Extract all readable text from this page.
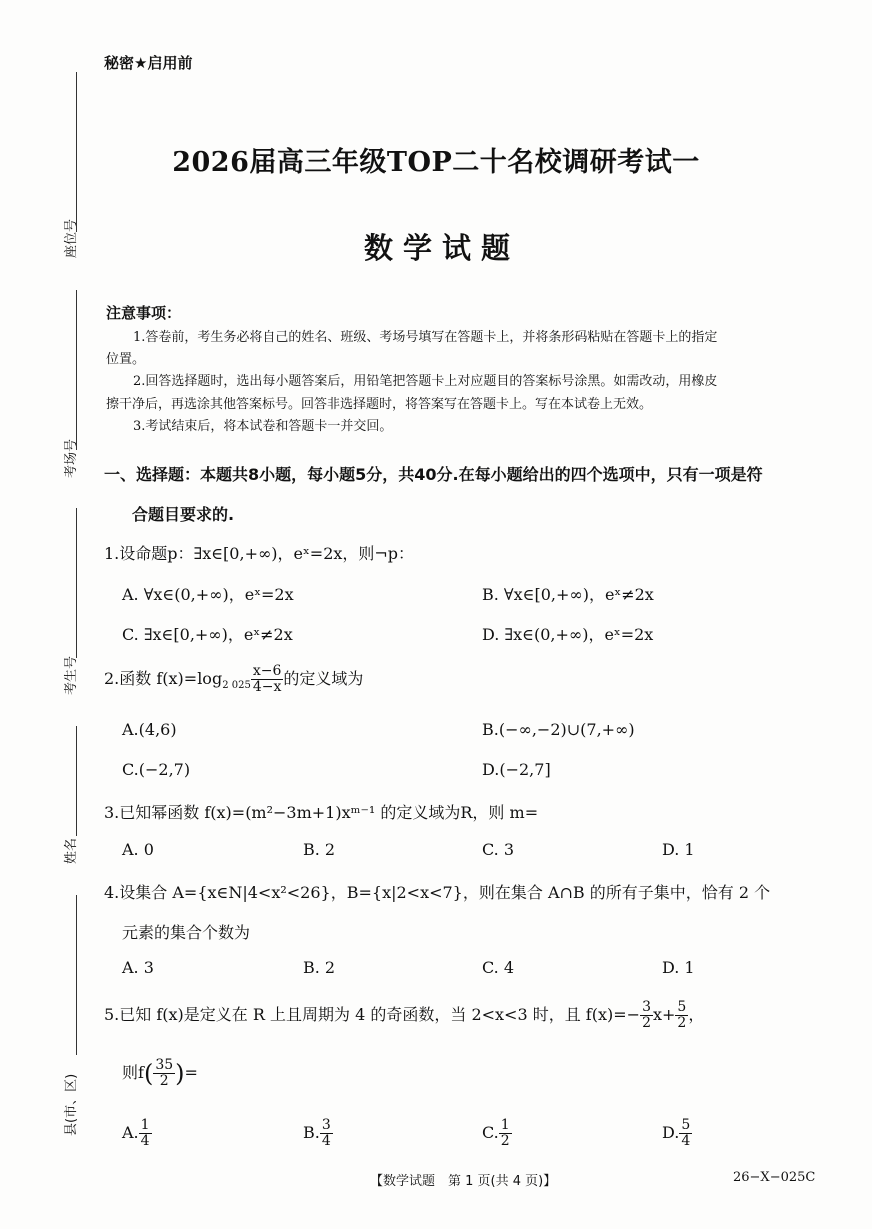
座位号
考场号
考生号
姓名
县(市、区)
秘密★启用前
2026届高三年级TOP二十名校调研考试一
数学试题
注意事项：
1.答卷前，考生务必将自己的姓名、班级、考场号填写在答题卡上，并将条形码粘贴在答题卡上的指定
位置。
2.回答选择题时，选出每小题答案后，用铅笔把答题卡上对应题目的答案标号涂黑。如需改动，用橡皮
擦干净后，再选涂其他答案标号。回答非选择题时，将答案写在答题卡上。写在本试卷上无效。
3.考试结束后，将本试卷和答题卡一并交回。
一、选择题：本题共8小题，每小题5分，共40分.在每小题给出的四个选项中，只有一项是符
合题目要求的.
1.设命题p：∃x∈[0,+∞)，eˣ=2x，则¬p：
A. ∀x∈(0,+∞)，eˣ=2x	B. ∀x∈[0,+∞)，eˣ≠2x
C. ∃x∈[0,+∞)，eˣ≠2x	D. ∃x∈(0,+∞)，eˣ=2x
2.函数 $f(x)=\log_{2 025} \frac{x-6}{4-x}$ 的定义域为
A.(4,6)	B.(−∞,−2)∪(7,+∞)
C.(−2,7)	D.(−2,7]
3.已知幂函数 f(x)=(m²−3m+1)xᵐ⁻¹ 的定义域为R，则 m=
A. 0	B. 2	C. 3	D. 1
4.设集合 A={x∈N|4<x²<26}，B={x|2<x<7}，则在集合 A∩B 的所有子集中，恰有 2 个
元素的集合个数为
A. 3	B. 2	C. 4	D. 1
5.已知 f(x)是定义在 R 上且周期为 4 的奇函数，当 2<x<3 时，且 $f(x)=- \frac{3}{2} x+ \frac{5}{2}$ ，
则$f( \frac{35}{2}$ )=
A. $\frac{1}{4}$	B. $\frac{3}{4}$	C. $\frac{1}{2}$	D. $\frac{5}{4}$
【数学试题　第 1 页(共 4 页)】	26−X−025C
